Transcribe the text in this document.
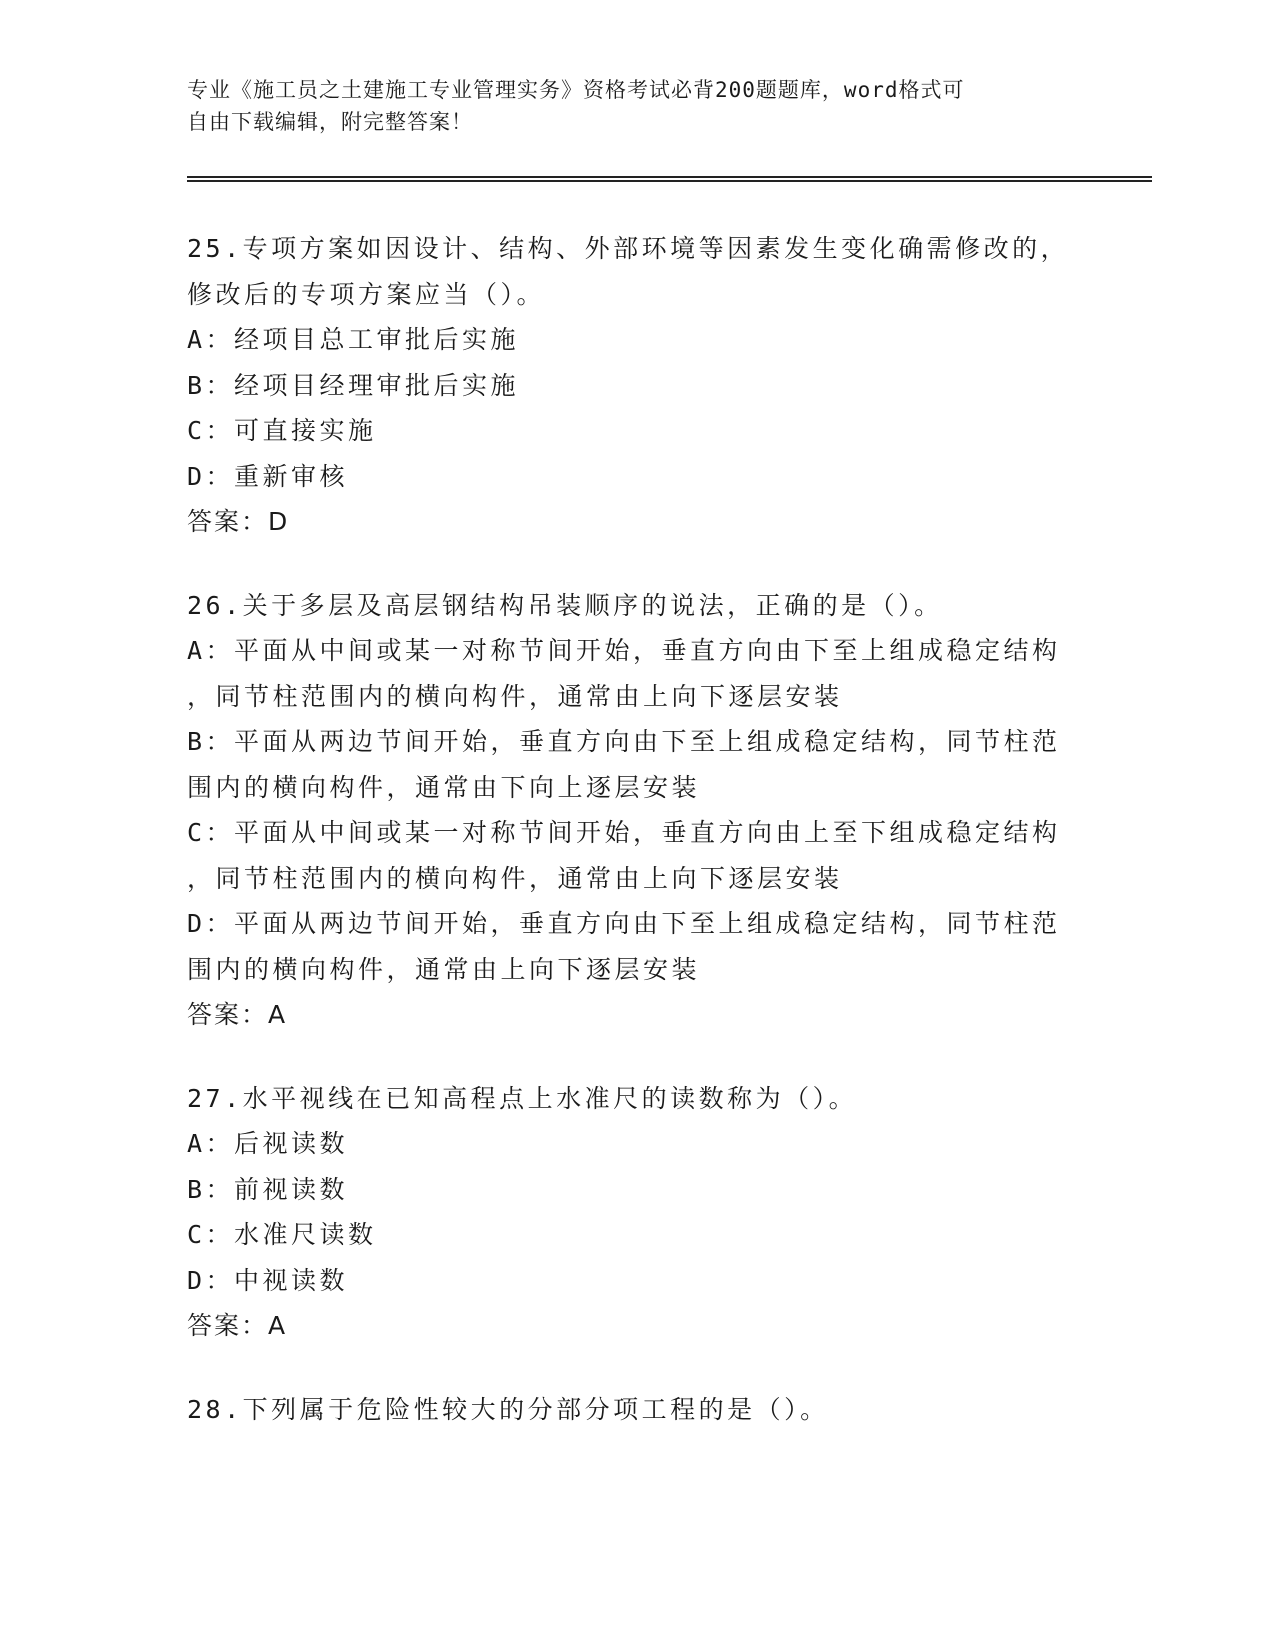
专业《施工员之土建施工专业管理实务》资格考试必背200题题库，word格式可
自由下载编辑，附完整答案！
25.专项方案如因设计、结构、外部环境等因素发生变化确需修改的，
修改后的专项方案应当（）。
A：经项目总工审批后实施
B：经项目经理审批后实施
C：可直接实施
D：重新审核
答案：D
26.关于多层及高层钢结构吊装顺序的说法，正确的是（）。
A：平面从中间或某一对称节间开始，垂直方向由下至上组成稳定结构
，同节柱范围内的横向构件，通常由上向下逐层安装
B：平面从两边节间开始，垂直方向由下至上组成稳定结构，同节柱范
围内的横向构件，通常由下向上逐层安装
C：平面从中间或某一对称节间开始，垂直方向由上至下组成稳定结构
，同节柱范围内的横向构件，通常由上向下逐层安装
D：平面从两边节间开始，垂直方向由下至上组成稳定结构，同节柱范
围内的横向构件，通常由上向下逐层安装
答案：A
27.水平视线在已知高程点上水准尺的读数称为（）。
A：后视读数
B：前视读数
C：水准尺读数
D：中视读数
答案：A
28.下列属于危险性较大的分部分项工程的是（）。
